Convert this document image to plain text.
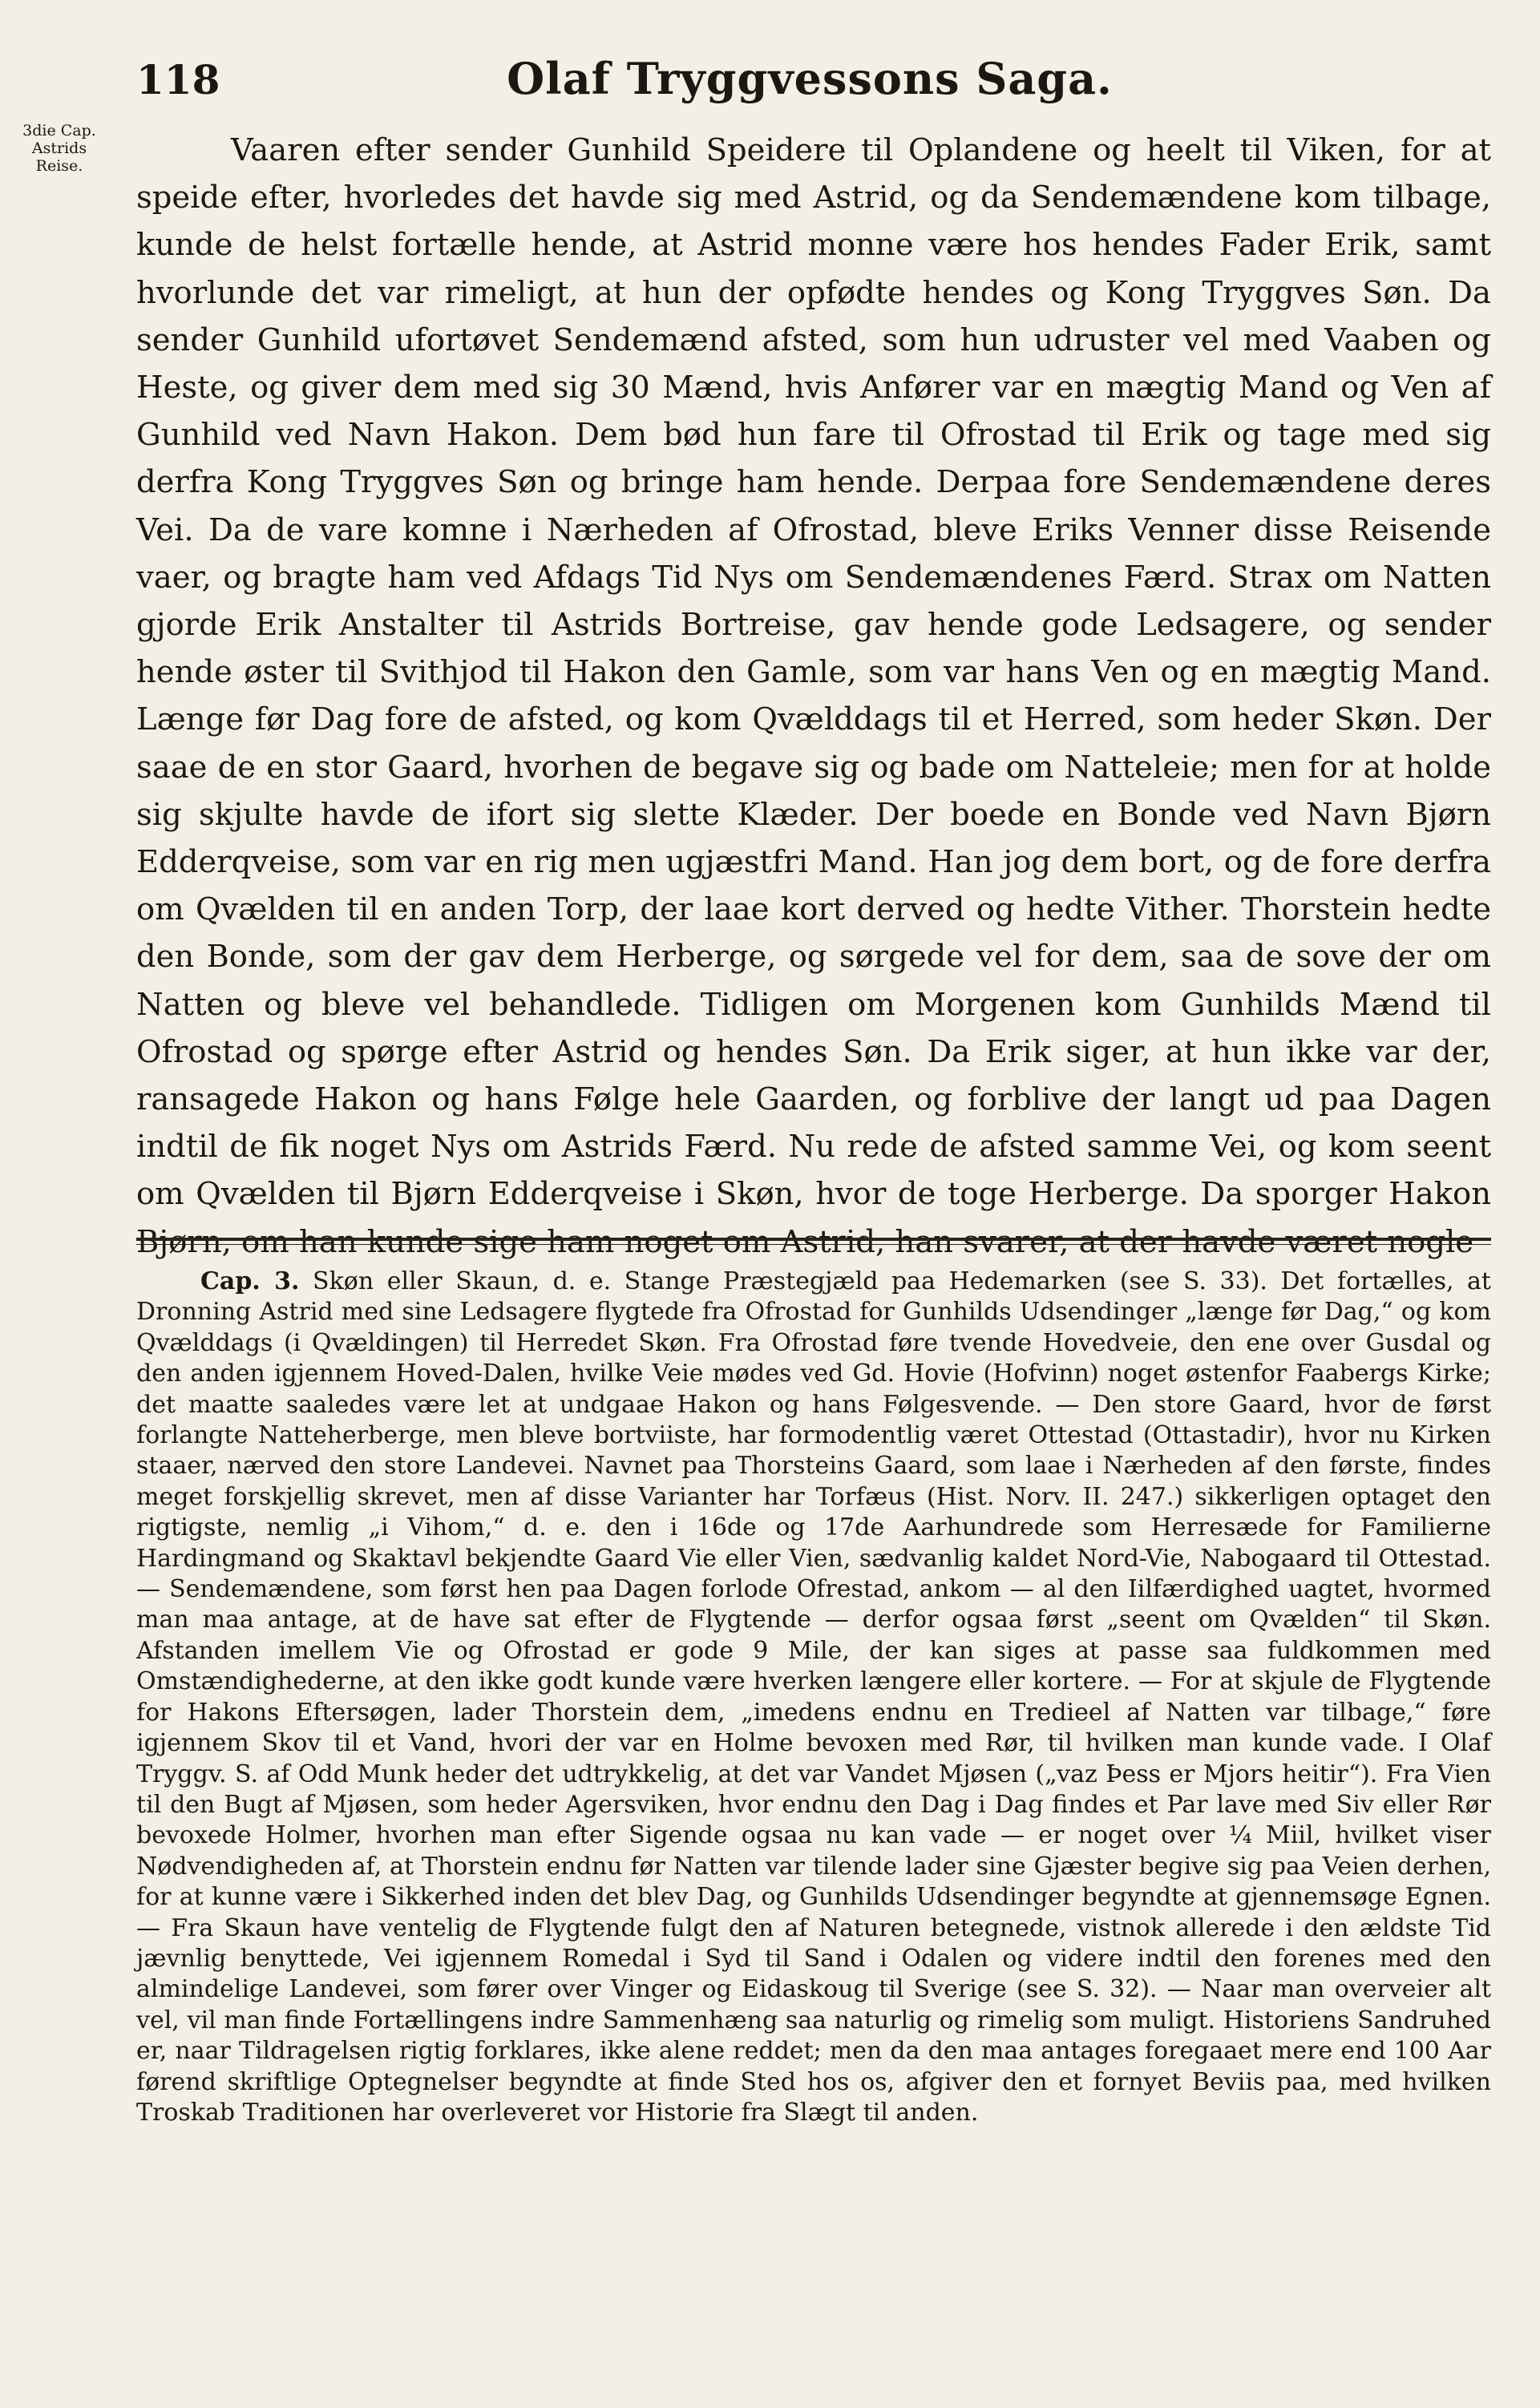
118	Olaf Tryggvessons Saga.
3die Cap.
Astrids
Reise.	Vaaren efter sender Gunhild Speidere til Oplandene og heelt til Viken, for at speide efter, hvorledes det havde sig med Astrid, og da Sendemændene kom tilbage, kunde de helst fortælle hende, at Astrid monne være hos hendes Fader Erik, samt hvorlunde det var rimeligt, at hun der opfødte hendes og Kong Tryggves Søn. Da sender Gunhild ufortøvet Sendemænd afsted, som hun udruster vel med Vaaben og Heste, og giver dem med sig 30 Mænd, hvis Anfører var en mægtig Mand og Ven af Gunhild ved Navn Hakon. Dem bød hun fare til Ofrostad til Erik og tage med sig derfra Kong Tryggves Søn og bringe ham hende. Derpaa fore Sendemændene deres Vei. Da de vare komne i Nærheden af Ofrostad, bleve Eriks Venner disse Reisende vaer, og bragte ham ved Afdags Tid Nys om Sendemændenes Færd. Strax om Natten gjorde Erik Anstalter til Astrids Bortreise, gav hende gode Ledsagere, og sender hende øster til Svithjod til Hakon den Gamle, som var hans Ven og en mægtig Mand. Længe før Dag fore de afsted, og kom Qvælddags til et Herred, som heder Skøn. Der saae de en stor Gaard, hvorhen de begave sig og bade om Natteleie; men for at holde sig skjulte havde de ifort sig slette Klæder. Der boede en Bonde ved Navn Bjørn Edderqveise, som var en rig men ugjæstfri Mand. Han jog dem bort, og de fore derfra om Qvælden til en anden Torp, der laae kort derved og hedte Vither. Thorstein hedte den Bonde, som der gav dem Herberge, og sørgede vel for dem, saa de sove der om Natten og bleve vel behandlede. Tidligen om Morgenen kom Gunhilds Mænd til Ofrostad og spørge efter Astrid og hendes Søn. Da Erik siger, at hun ikke var der, ransagede Hakon og hans Følge hele Gaarden, og forblive der langt ud paa Dagen indtil de fik noget Nys om Astrids Færd. Nu rede de afsted samme Vei, og kom seent om Qvælden til Bjørn Edderqveise i Skøn, hvor de toge Herberge. Da sporger Hakon Bjørn, om han kunde sige ham noget om Astrid, han svarer, at der havde været nogle

Cap. 3. Skøn eller Skaun, d. e. Stange Præstegjæld paa Hedemarken (see S. 33). Det fortælles, at Dronning Astrid med sine Ledsagere flygtede fra Ofrostad for Gunhilds Udsendinger „længe før Dag,“ og kom Qvælddags (i Qvældingen) til Herredet Skøn. Fra Ofrostad føre tvende Hovedveie, den ene over Gusdal og den anden igjennem Hoved-Dalen, hvilke Veie mødes ved Gd. Hovie (Hofvinn) noget østenfor Faabergs Kirke; det maatte saaledes være let at undgaae Hakon og hans Følgesvende. — Den store Gaard, hvor de først forlangte Natteherberge, men bleve bortviiste, har formodentlig været Ottestad (Ottastadir), hvor nu Kirken staaer, nærved den store Landevei. Navnet paa Thorsteins Gaard, som laae i Nærheden af den første, findes meget forskjellig skrevet, men af disse Varianter har Torfæus (Hist. Norv. II. 247.) sikkerligen optaget den rigtigste, nemlig „i Vihom,“ d. e. den i 16de og 17de Aarhundrede som Herresæde for Familierne Hardingmand og Skaktavl bekjendte Gaard Vie eller Vien, sædvanlig kaldet Nord-Vie, Nabogaard til Ottestad. — Sendemændene, som først hen paa Dagen forlode Ofrestad, ankom — al den Iilfærdighed uagtet, hvormed man maa antage, at de have sat efter de Flygtende — derfor ogsaa først „seent om Qvælden“ til Skøn. Afstanden imellem Vie og Ofrostad er gode 9 Mile, der kan siges at passe saa fuldkommen med Omstændighederne, at den ikke godt kunde være hverken længere eller kortere. — For at skjule de Flygtende for Hakons Eftersøgen, lader Thorstein dem, „imedens endnu en Tredieel af Natten var tilbage,“ føre igjennem Skov til et Vand, hvori der var en Holme bevoxen med Rør, til hvilken man kunde vade. I Olaf Tryggv. S. af Odd Munk heder det udtrykkelig, at det var Vandet Mjøsen („vaz Þess er Mjors heitir“). Fra Vien til den Bugt af Mjøsen, som heder Agersviken, hvor endnu den Dag i Dag findes et Par lave med Siv eller Rør bevoxede Holmer, hvorhen man efter Sigende ogsaa nu kan vade — er noget over ¼ Miil, hvilket viser Nødvendigheden af, at Thorstein endnu før Natten var tilende lader sine Gjæster begive sig paa Veien derhen, for at kunne være i Sikkerhed inden det blev Dag, og Gunhilds Udsendinger begyndte at gjennemsøge Egnen. — Fra Skaun have ventelig de Flygtende fulgt den af Naturen betegnede, vistnok allerede i den ældste Tid jævnlig benyttede, Vei igjennem Romedal i Syd til Sand i Odalen og videre indtil den forenes med den almindelige Landevei, som fører over Vinger og Eidaskoug til Sverige (see S. 32). — Naar man overveier alt vel, vil man finde Fortællingens indre Sammenhæng saa naturlig og rimelig som muligt. Historiens Sandruhed er, naar Tildragelsen rigtig forklares, ikke alene reddet; men da den maa antages foregaaet mere end 100 Aar førend skriftlige Optegnelser begyndte at finde Sted hos os, afgiver den et fornyet Beviis paa, med hvilken Troskab Traditionen har overleveret vor Historie fra Slægt til anden.
